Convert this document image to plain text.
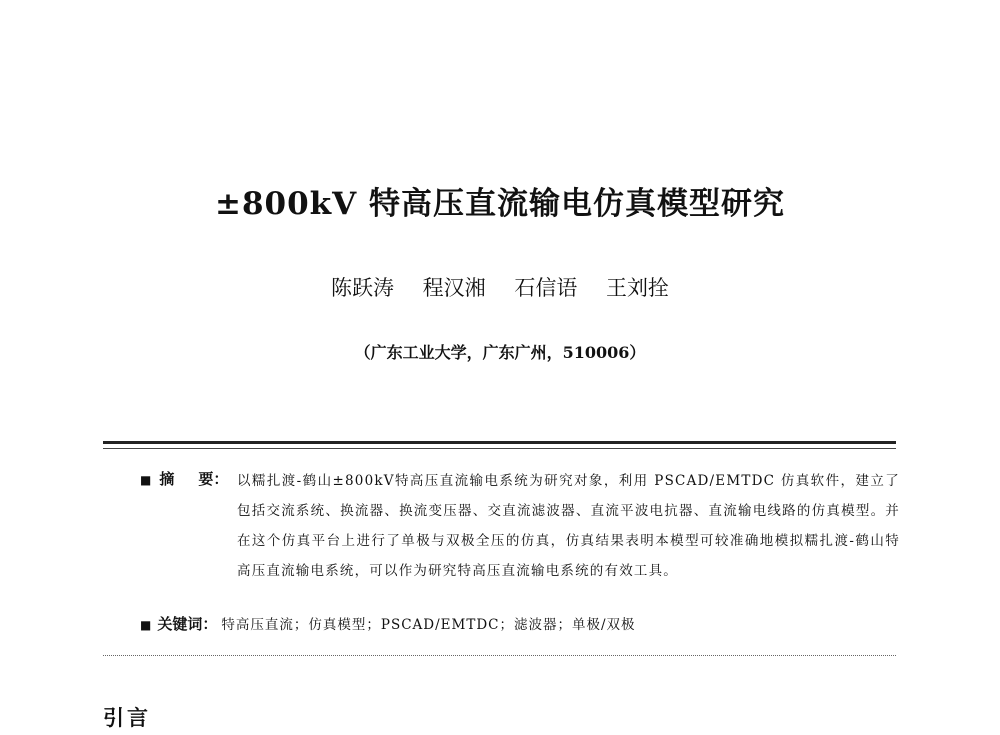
±800kV 特高压直流输电仿真模型研究
陈跃涛 程汉湘 石信语 王刘拴
（广东工业大学，广东广州，510006）
■ 摘 要： 以糯扎渡-鹤山±800kV特高压直流输电系统为研究对象，利用 PSCAD/EMTDC 仿真软件，建立了包括交流系统、换流器、换流变压器、交直流滤波器、直流平波电抗器、直流输电线路的仿真模型。并在这个仿真平台上进行了单极与双极全压的仿真，仿真结果表明本模型可较准确地模拟糯扎渡-鹤山特高压直流输电系统，可以作为研究特高压直流输电系统的有效工具。
■ 关键词： 特高压直流；仿真模型；PSCAD/EMTDC；滤波器；单极/双极
引言
